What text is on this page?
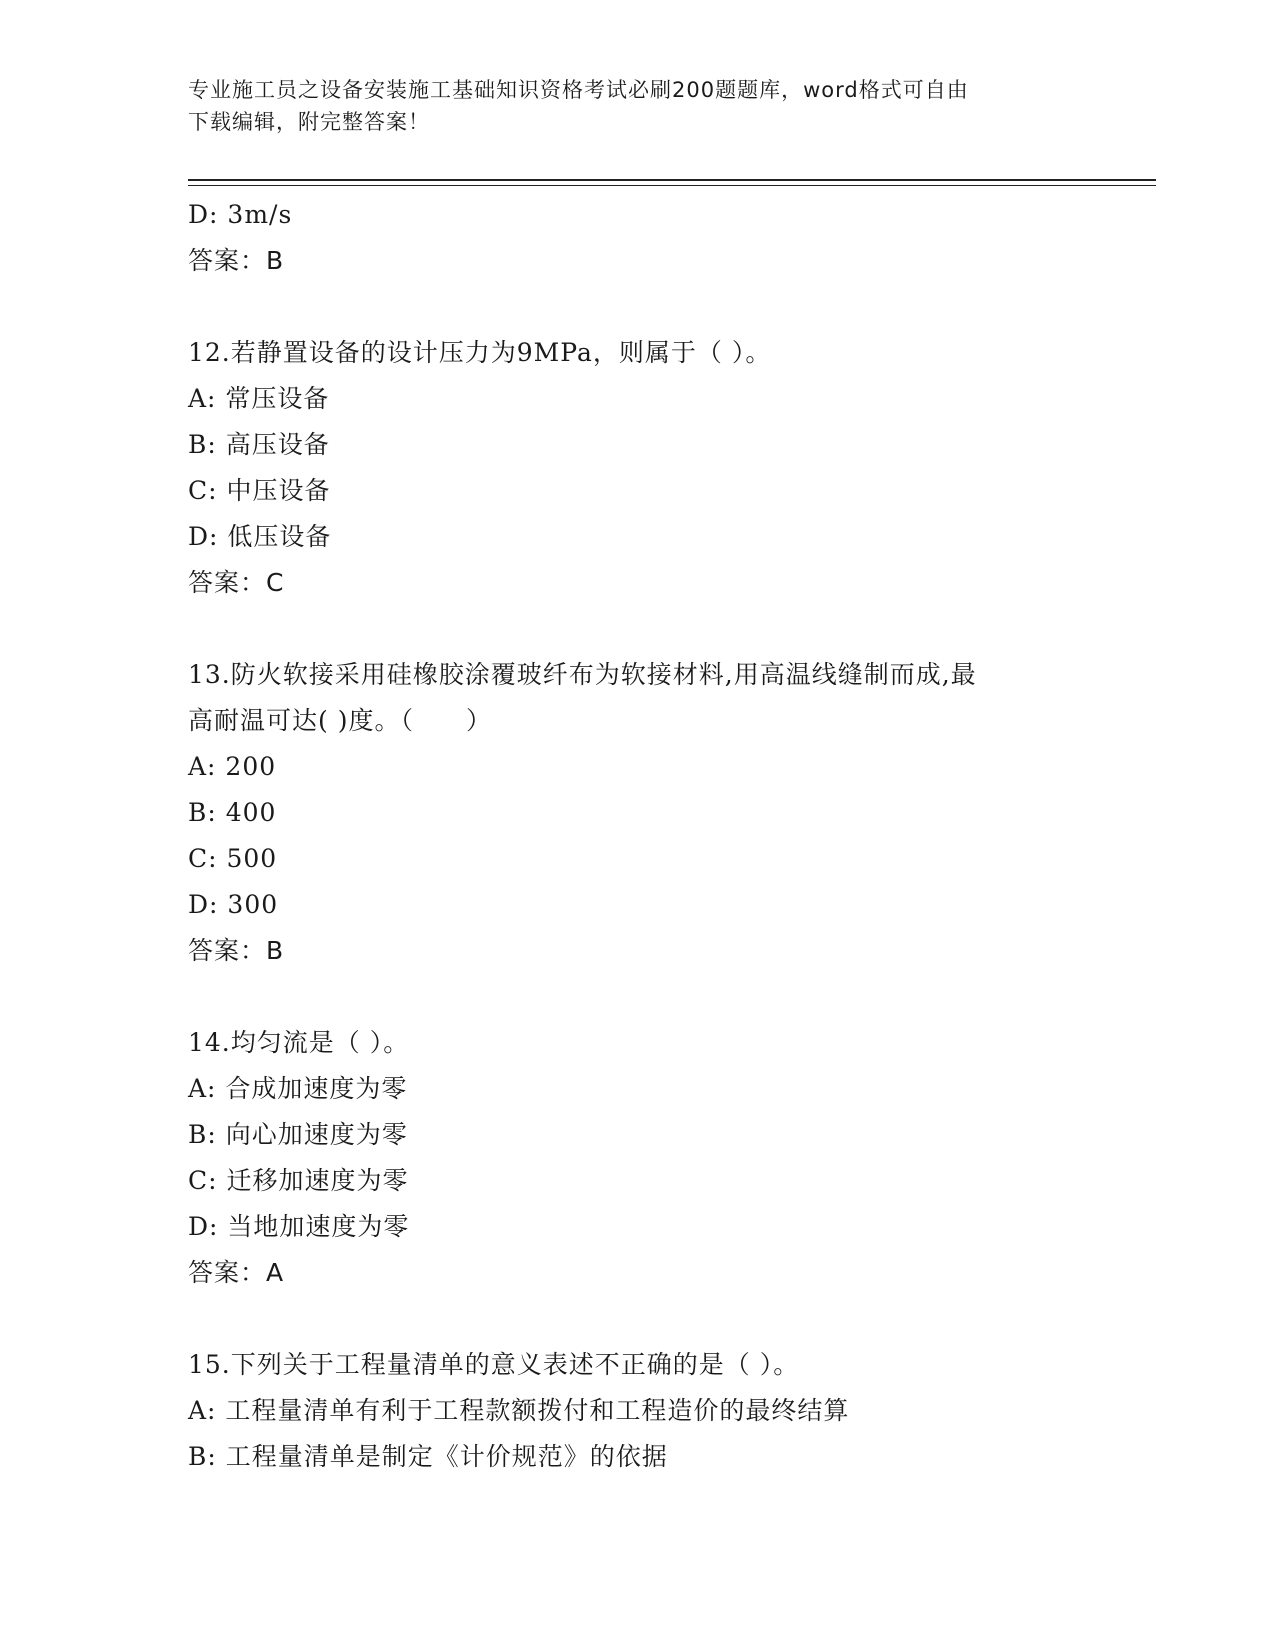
专业施工员之设备安装施工基础知识资格考试必刷200题题库，word格式可自由
下载编辑，附完整答案！
D: 3m/s
答案：B
12.若静置设备的设计压力为9MPa，则属于（ ）。
A: 常压设备
B: 高压设备
C: 中压设备
D: 低压设备
答案：C
13.防火软接采用硅橡胶涂覆玻纤布为软接材料,用高温线缝制而成,最
高耐温可达( )度。（　　）
A: 200
B: 400
C: 500
D: 300
答案：B
14.均匀流是（ ）。
A: 合成加速度为零
B: 向心加速度为零
C: 迁移加速度为零
D: 当地加速度为零
答案：A
15.下列关于工程量清单的意义表述不正确的是（ ）。
A: 工程量清单有利于工程款额拨付和工程造价的最终结算
B: 工程量清单是制定《计价规范》的依据
